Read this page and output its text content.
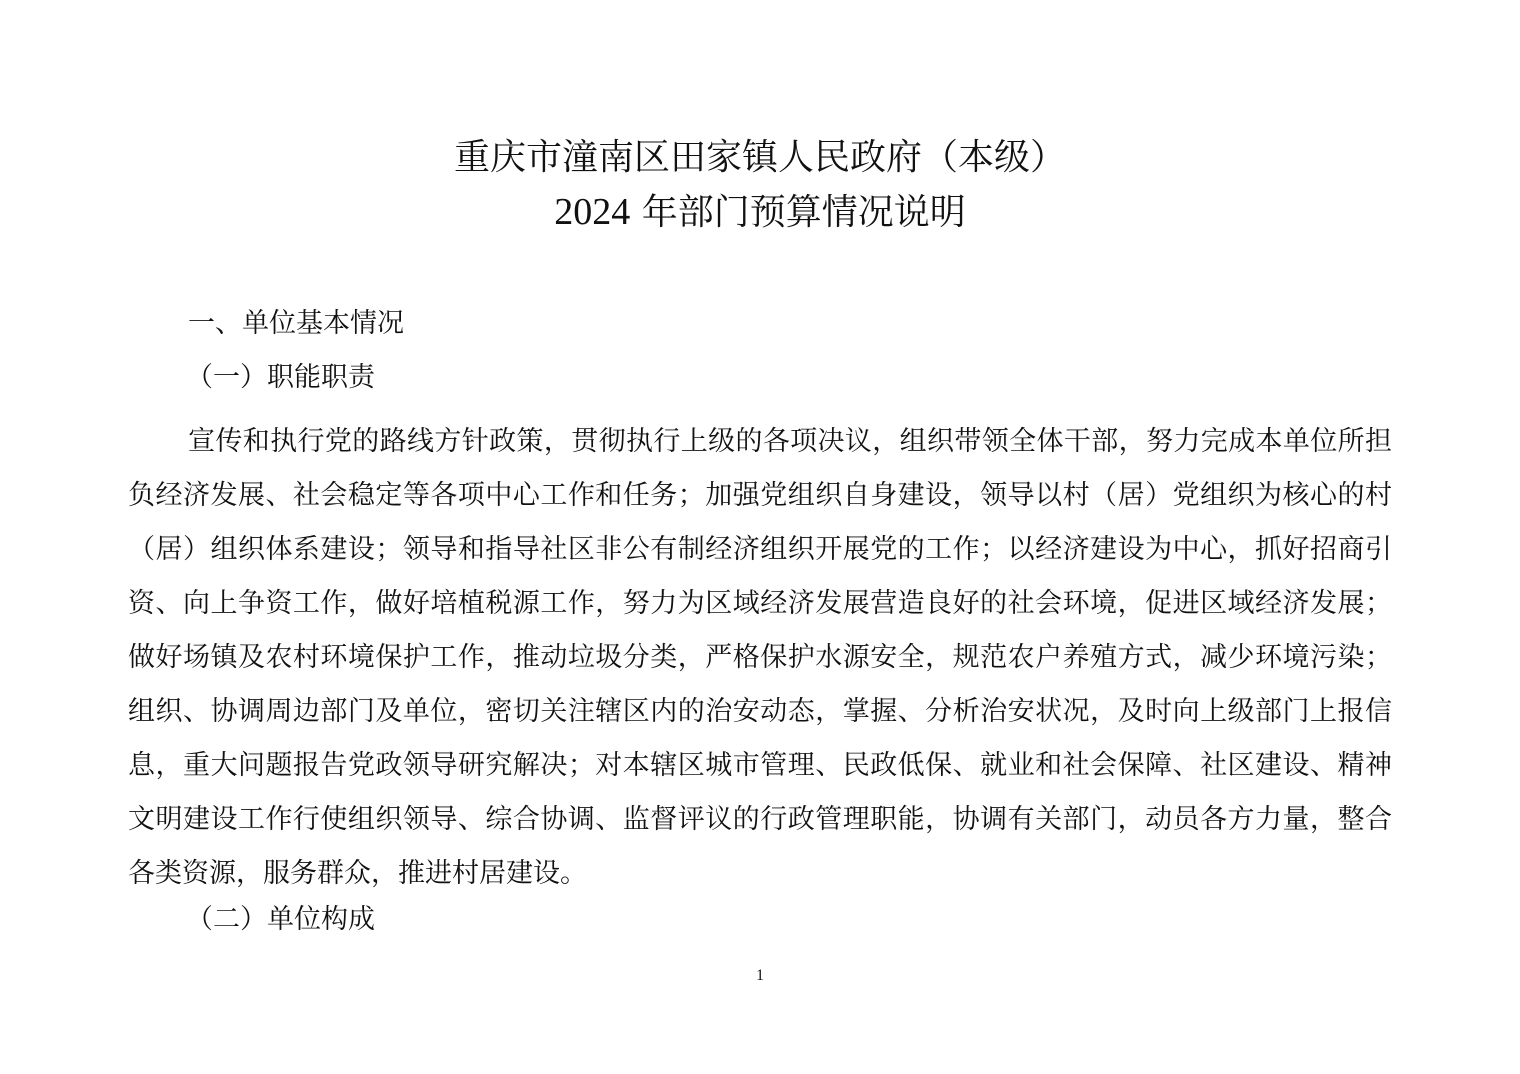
重庆市潼南区田家镇人民政府（本级）
2024 年部门预算情况说明
一、单位基本情况
（一）职能职责

宣传和执行党的路线方针政策，贯彻执行上级的各项决议，组织带领全体干部，努力完成本单位所担负经济发展、社会稳定等各项中心工作和任务；加强党组织自身建设，领导以村（居）党组织为核心的村（居）组织体系建设；领导和指导社区非公有制经济组织开展党的工作；以经济建设为中心，抓好招商引资、向上争资工作，做好培植税源工作，努力为区域经济发展营造良好的社会环境，促进区域经济发展；做好场镇及农村环境保护工作，推动垃圾分类，严格保护水源安全，规范农户养殖方式，减少环境污染；组织、协调周边部门及单位，密切关注辖区内的治安动态，掌握、分析治安状况，及时向上级部门上报信息，重大问题报告党政领导研究解决；对本辖区城市管理、民政低保、就业和社会保障、社区建设、精神文明建设工作行使组织领导、综合协调、监督评议的行政管理职能，协调有关部门，动员各方力量，整合各类资源，服务群众，推进村居建设。

（二）单位构成
1
